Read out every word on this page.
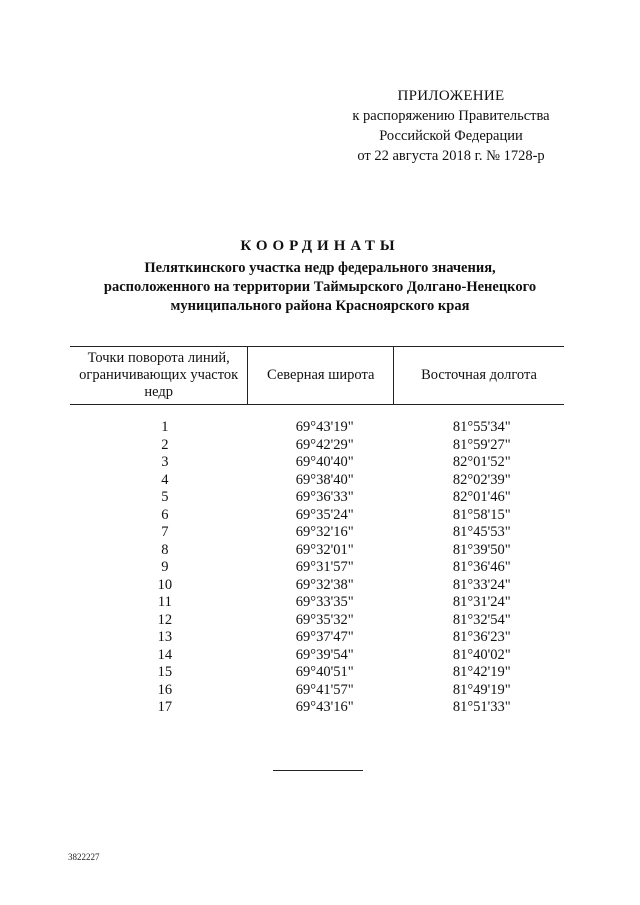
ПРИЛОЖЕНИЕ
к распоряжению Правительства
Российской Федерации
от 22 августа 2018 г. № 1728-р
КООРДИНАТЫ
Пеляткинского участка недр федерального значения,
расположенного на территории Таймырского Долгано-Ненецкого
муниципального района Красноярского края
Точки поворота линий,
ограничивающих участок
недр	Северная широта	Восточная долгота

1	69°43'19"	81°55'34"
2	69°42'29"	81°59'27"
3	69°40'40"	82°01'52"
4	69°38'40"	82°02'39"
5	69°36'33"	82°01'46"
6	69°35'24"	81°58'15"
7	69°32'16"	81°45'53"
8	69°32'01"	81°39'50"
9	69°31'57"	81°36'46"
10	69°32'38"	81°33'24"
11	69°33'35"	81°31'24"
12	69°35'32"	81°32'54"
13	69°37'47"	81°36'23"
14	69°39'54"	81°40'02"
15	69°40'51"	81°42'19"
16	69°41'57"	81°49'19"
17	69°43'16"	81°51'33"
3822227
